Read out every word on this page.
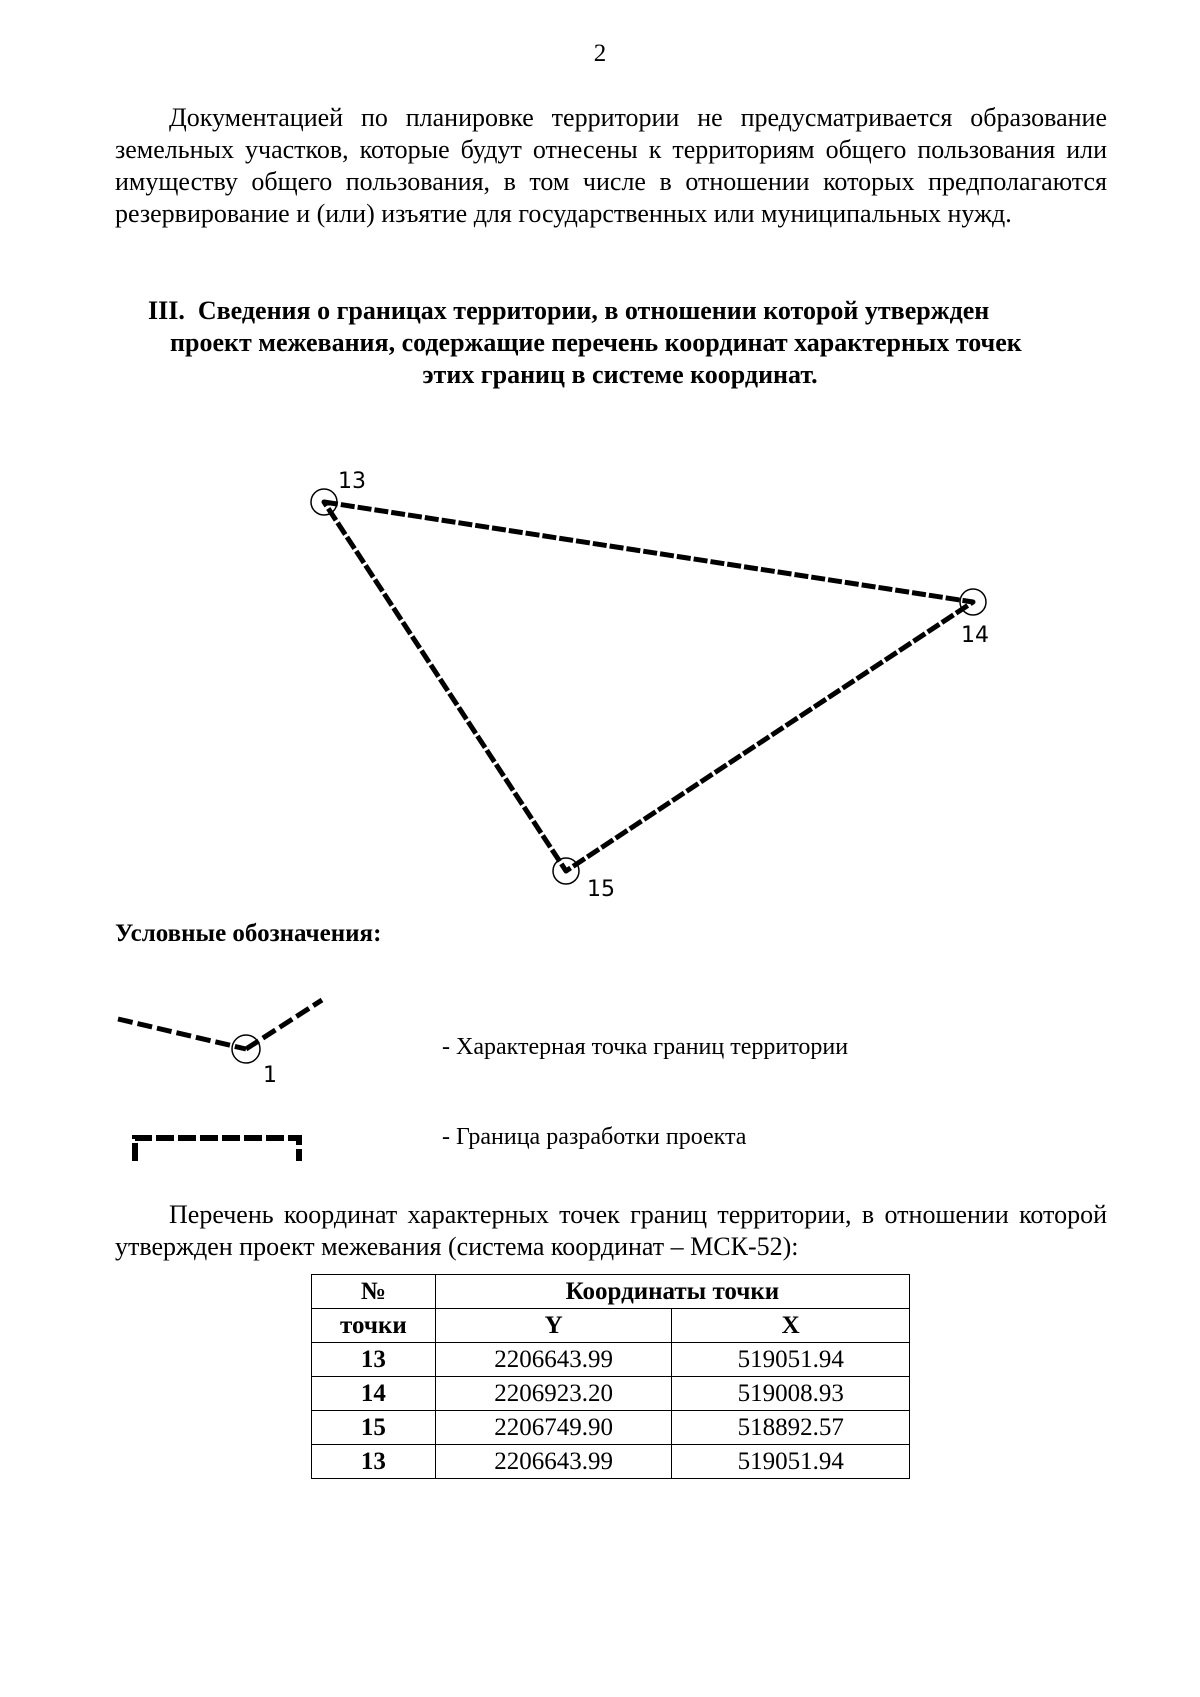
2

Документацией по планировке территории не предусматривается образование земельных участков, которые будут отнесены к территориям общего пользования или имуществу общего пользования, в том числе в отношении которых предполагаются резервирование и (или) изъятие для государственных или муниципальных нужд.

III. Сведения о границах территории, в отношении которой утвержден
проект межевания, содержащие перечень координат характерных точек
этих границ в системе координат.
13
14
15
1
Условные обозначения:
- Характерная точка границ территории
- Граница разработки проекта

Перечень координат характерных точек границ территории, в отношении которой утвержден проект межевания (система координат – МСК-52):

№	Координаты точки	
точки	Y	X
13	2206643.99	519051.94
14	2206923.20	519008.93
15	2206749.90	518892.57
13	2206643.99	519051.94
